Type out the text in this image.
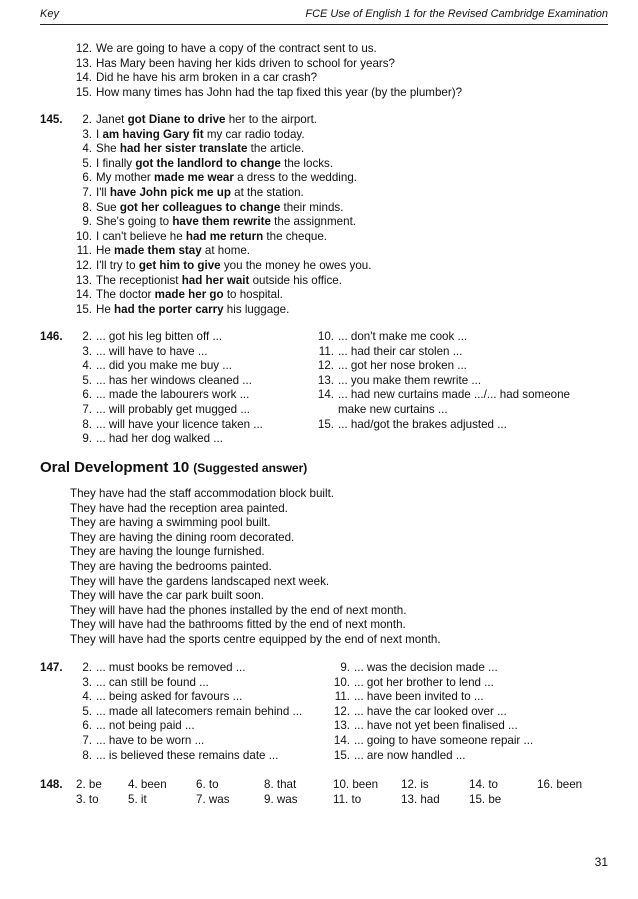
Key	FCE Use of English 1 for the Revised Cambridge Examination
12. We are going to have a copy of the contract sent to us.
13. Has Mary been having her kids driven to school for years?
14. Did he have his arm broken in a car crash?
15. How many times has John had the tap fixed this year (by the plumber)?
145.	2. Janet got Diane to drive her to the airport.
3. I am having Gary fit my car radio today.
4. She had her sister translate the article.
5. I finally got the landlord to change the locks.
6. My mother made me wear a dress to the wedding.
7. I'll have John pick me up at the station.
8. Sue got her colleagues to change their minds.
9. She's going to have them rewrite the assignment.
10. I can't believe he had me return the cheque.
11. He made them stay at home.
12. I'll try to get him to give you the money he owes you.
13. The receptionist had her wait outside his office.
14. The doctor made her go to hospital.
15. He had the porter carry his luggage.
146.	2. ... got his leg bitten off ...
3. ... will have to have ...
4. ... did you make me buy ...
5. ... has her windows cleaned ...
6. ... made the labourers work ...
7. ... will probably get mugged ...
8. ... will have your licence taken ...
9. ... had her dog walked ...
10. ... don't make me cook ...
11. ... had their car stolen ...
12. ... got her nose broken ...
13. ... you make them rewrite ...
14. ... had new curtains made .../... had someone
make new curtains ...
15. ... had/got the brakes adjusted ...
Oral Development 10 (Suggested answer)
They have had the staff accommodation block built.
They have had the reception area painted.
They are having a swimming pool built.
They are having the dining room decorated.
They are having the lounge furnished.
They are having the bedrooms painted.
They will have the gardens landscaped next week.
They will have the car park built soon.
They will have had the phones installed by the end of next month.
They will have had the bathrooms fitted by the end of next month.
They will have had the sports centre equipped by the end of next month.
147.	2. ... must books be removed ...
3. ... can still be found ...
4. ... being asked for favours ...
5. ... made all latecomers remain behind ...
6. ... not being paid ...
7. ... have to be worn ...
8. ... is believed these remains date ...
9. ... was the decision made ...
10. ... got her brother to lend ...
11. ... have been invited to ...
12. ... have the car looked over ...
13. ... have not yet been finalised ...
14. ... going to have someone repair ...
15. ... are now handled ...
148. 2. be 4. been	6. to	8. that	10. been 12. is	14. to	16. been
3. to	5. it	7. was	9. was	11. to	13. had	15. be
31
